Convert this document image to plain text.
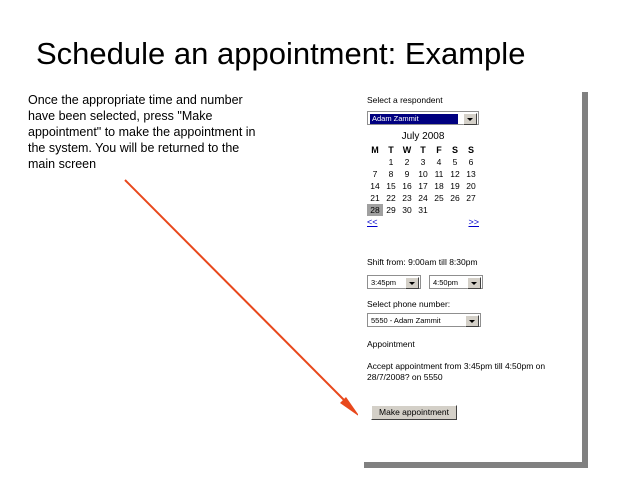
Schedule an appointment: Example
Once the appropriate time and number have been selected, press "Make appointment" to make the appointment in the system. You will be returned to the main screen
Select a respondent
Adam Zammit
July 2008
M	T	W	T	F	S	S
	1	2	3	4	5	6
7	8	9	10	11	12	13
14	15	16	17	18	19	20
21	22	23	24	25	26	27
28	29	30	31			
<<	>>
Shift from: 9:00am till 8:30pm
3:45pm	4:50pm
Select phone number:
5550 - Adam Zammit
Appointment
Accept appointment from 3:45pm till 4:50pm on 28/7/2008? on 5550
Make appointment
